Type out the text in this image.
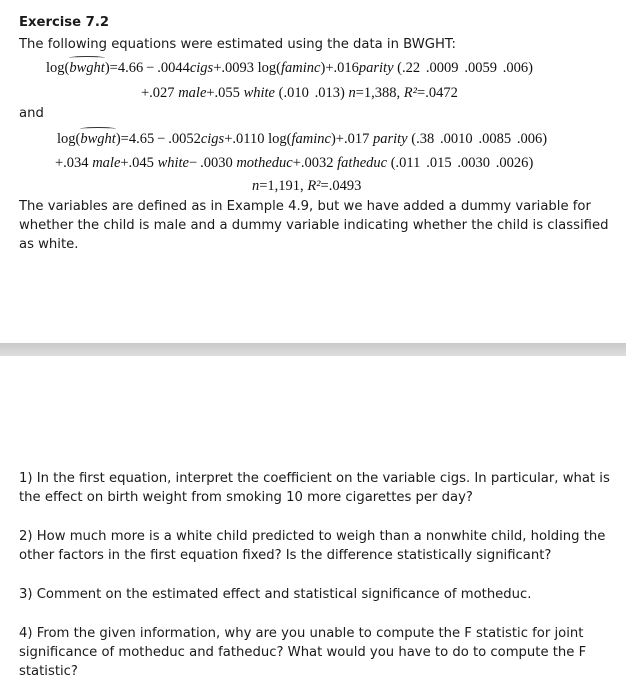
Exercise 7.2
The following equations were estimated using the data in BWGHT:
log(bwght)=4.66 − .0044cigs+.0093 log(faminc)+.016parity (.22  .0009  .0059  .006)
+.027 male+.055 white (.010  .013) n=1,388, R²=.0472
and
log(bwght)=4.65 − .0052cigs+.0110 log(faminc)+.017 parity (.38  .0010  .0085  .006)
+.034 male+.045 white− .0030 motheduc+.0032 fatheduc (.011  .015  .0030  .0026)
n=1,191, R²=.0493
The variables are defined as in Example 4.9, but we have added a dummy variable for whether the child is male and a dummy variable indicating whether the child is classified as white.
1) In the first equation, interpret the coefficient on the variable cigs. In particular, what is the effect on birth weight from smoking 10 more cigarettes per day?
2) How much more is a white child predicted to weigh than a nonwhite child, holding the other factors in the first equation fixed? Is the difference statistically significant?
3) Comment on the estimated effect and statistical significance of motheduc.
4) From the given information, why are you unable to compute the F statistic for joint significance of motheduc and fatheduc? What would you have to do to compute the F statistic?
